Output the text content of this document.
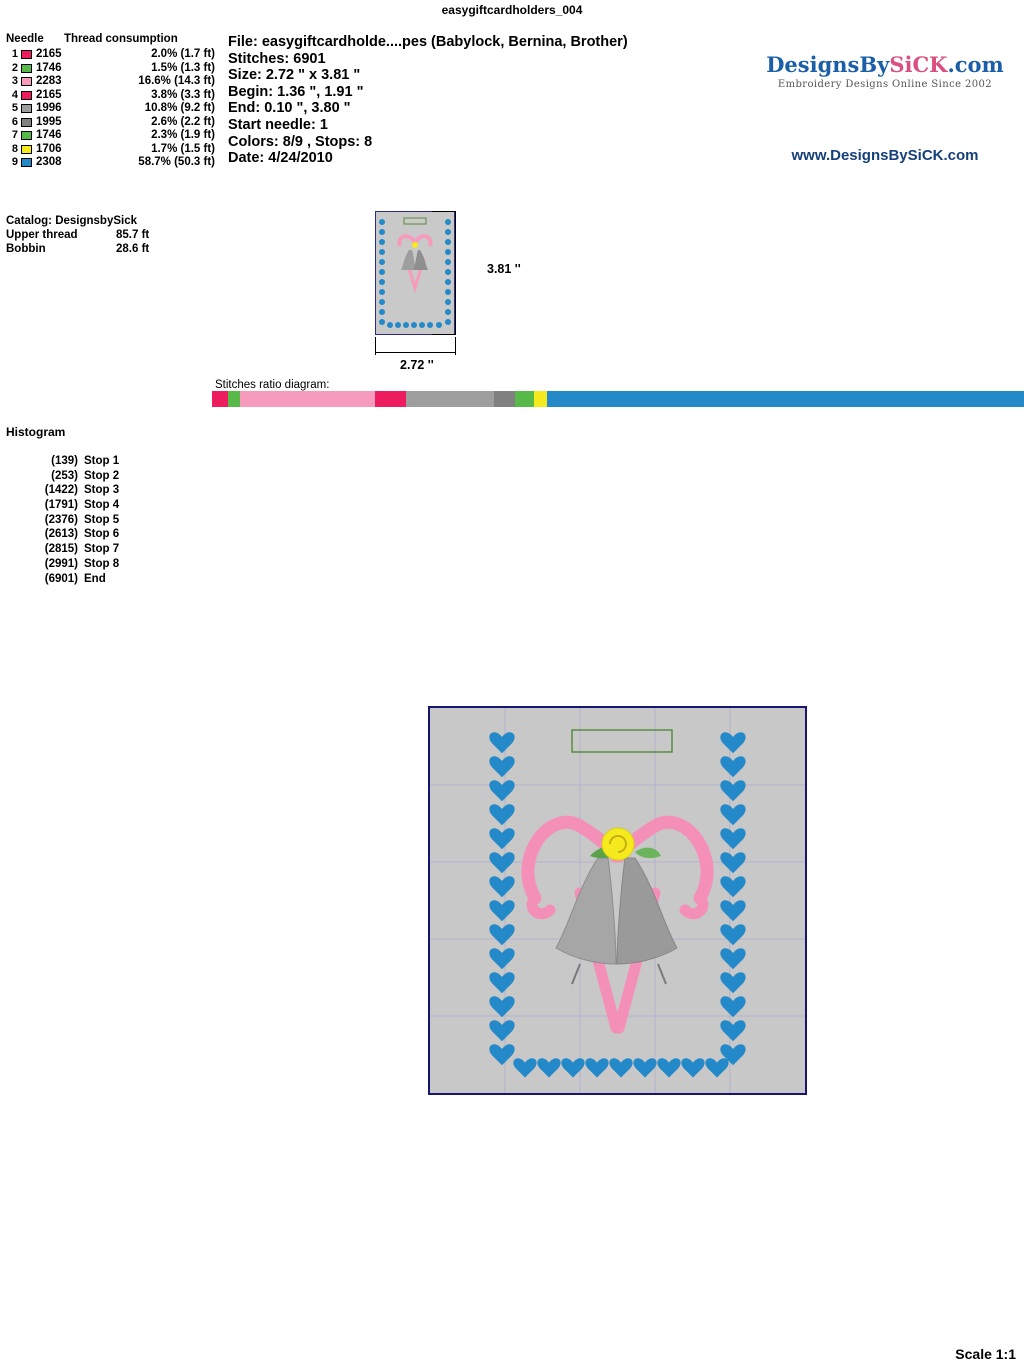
easygiftcardholders_004
Needle	Thread consumption
1 2165	2.0% (1.7 ft)
2 1746	1.5% (1.3 ft)
3 2283	16.6% (14.3 ft)
4 2165	3.8% (3.3 ft)
5 1996	10.8% (9.2 ft)
6 1995	2.6% (2.2 ft)
7 1746	2.3% (1.9 ft)
8 1706	1.7% (1.5 ft)
9 2308	58.7% (50.3 ft)
Catalog: DesignsbySick
Upper thread	85.7 ft
Bobbin	28.6 ft
File: easygiftcardholde....pes (Babylock, Bernina, Brother)
Stitches: 6901
Size: 2.72 " x 3.81 "
Begin: 1.36 ", 1.91 "
End: 0.10 ", 3.80 "
Start needle: 1
Colors: 8/9 , Stops: 8
Date: 4/24/2010
DesignsBySiCK.com
Embroidery Designs Online Since 2002
www.DesignsBySiCK.com
3.81 ''
2.72 ''
Stitches ratio diagram:
Histogram
(139) Stop 1
(253) Stop 2
(1422) Stop 3
(1791) Stop 4
(2376) Stop 5
(2613) Stop 6
(2815) Stop 7
(2991) Stop 8
(6901) End
Scale 1:1
